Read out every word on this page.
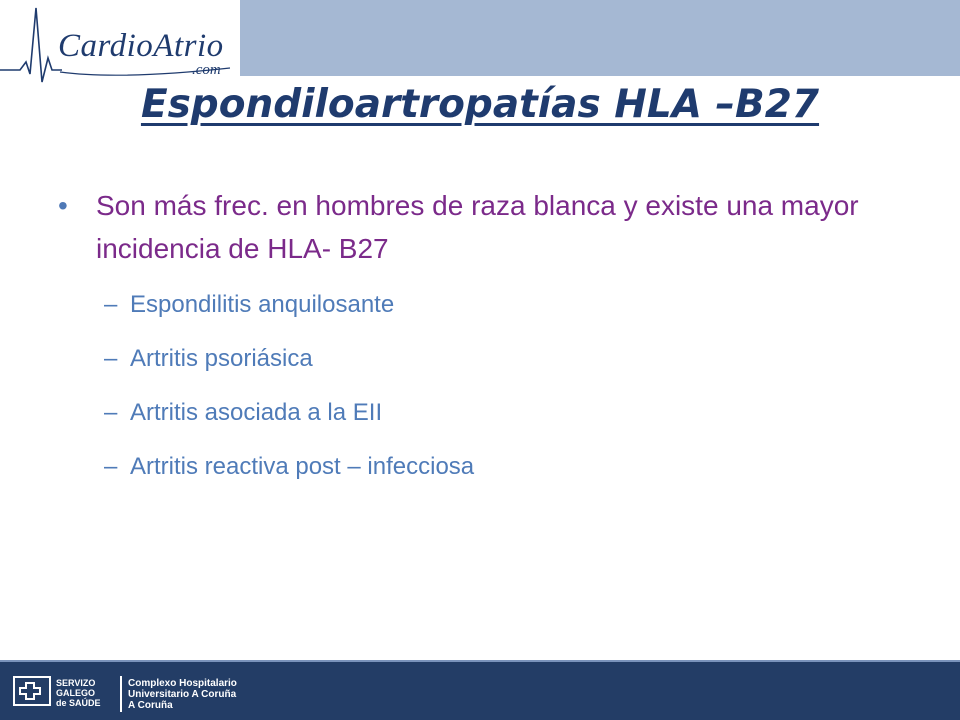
CardioAtrio
.com
Espondiloartropatías HLA –B27
• Son más frec. en hombres de raza blanca y existe una mayor incidencia de HLA- B27
– Espondilitis anquilosante
– Artritis psoriásica
– Artritis asociada a la EII
– Artritis reactiva post – infecciosa
SERVIZO
GALEGO
de SAÚDE
Complexo Hospitalario
Universitario A Coruña
A Coruña
